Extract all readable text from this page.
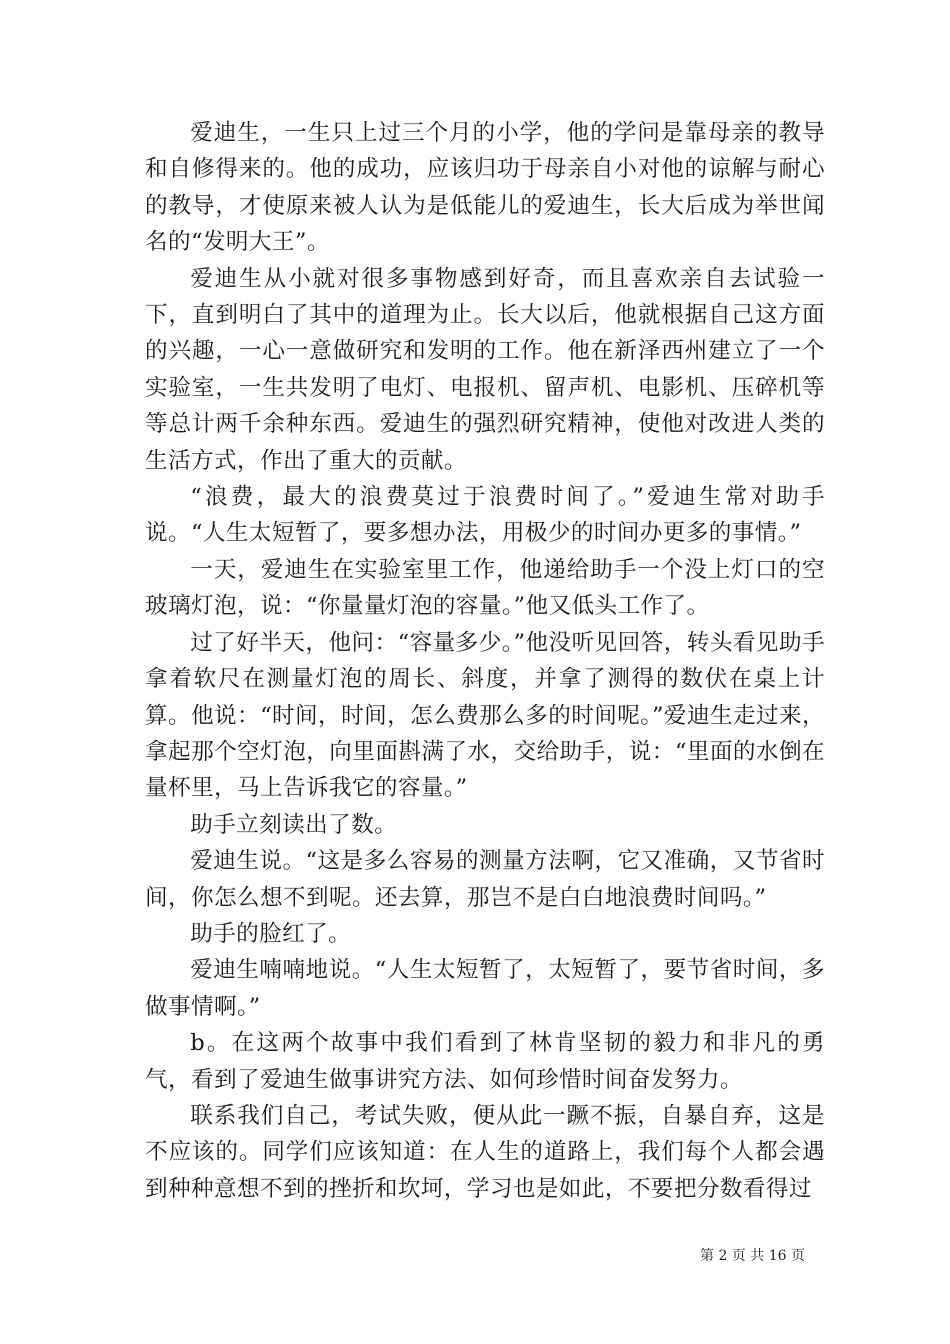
爱迪生，一生只上过三个月的小学，他的学问是靠母亲的教导和自修得来的。他的成功，应该归功于母亲自小对他的谅解与耐心的教导，才使原来被人认为是低能儿的爱迪生，长大后成为举世闻名的“发明大王”。

爱迪生从小就对很多事物感到好奇，而且喜欢亲自去试验一下，直到明白了其中的道理为止。长大以后，他就根据自己这方面的兴趣，一心一意做研究和发明的工作。他在新泽西州建立了一个实验室，一生共发明了电灯、电报机、留声机、电影机、压碎机等等总计两千余种东西。爱迪生的强烈研究精神，使他对改进人类的生活方式，作出了重大的贡献。

“浪费，最大的浪费莫过于浪费时间了。”爱迪生常对助手说。“人生太短暂了，要多想办法，用极少的时间办更多的事情。”

一天，爱迪生在实验室里工作，他递给助手一个没上灯口的空玻璃灯泡，说：“你量量灯泡的容量。”他又低头工作了。

过了好半天，他问：“容量多少。”他没听见回答，转头看见助手拿着软尺在测量灯泡的周长、斜度，并拿了测得的数伏在桌上计算。他说：“时间，时间，怎么费那么多的时间呢。”爱迪生走过来，拿起那个空灯泡，向里面斟满了水，交给助手，说：“里面的水倒在量杯里，马上告诉我它的容量。”

助手立刻读出了数。

爱迪生说。“这是多么容易的测量方法啊，它又准确，又节省时间，你怎么想不到呢。还去算，那岂不是白白地浪费时间吗。”

助手的脸红了。

爱迪生喃喃地说。“人生太短暂了，太短暂了，要节省时间，多做事情啊。”

b。在这两个故事中我们看到了林肯坚韧的毅力和非凡的勇气，看到了爱迪生做事讲究方法、如何珍惜时间奋发努力。

联系我们自己，考试失败，便从此一蹶不振，自暴自弃，这是不应该的。同学们应该知道：在人生的道路上，我们每个人都会遇到种种意想不到的挫折和坎坷，学习也是如此，不要把分数看得过

第 2 页 共 16 页
